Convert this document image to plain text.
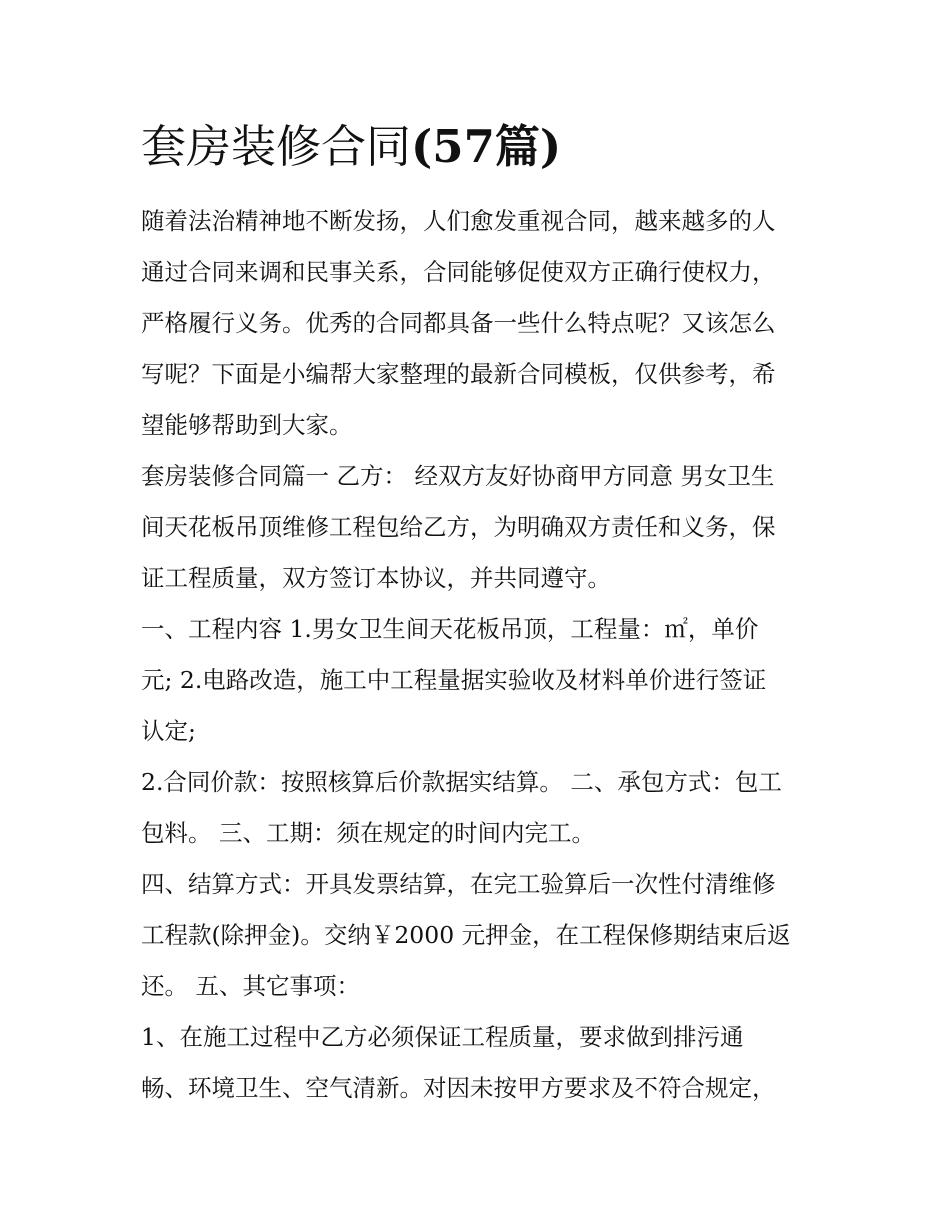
套房装修合同(57篇)

随着法治精神地不断发扬，人们愈发重视合同，越来越多的人
通过合同来调和民事关系，合同能够促使双方正确行使权力，
严格履行义务。优秀的合同都具备一些什么特点呢？又该怎么
写呢？下面是小编帮大家整理的最新合同模板，仅供参考，希
望能够帮助到大家。

套房装修合同篇一 乙方： 经双方友好协商甲方同意 男女卫生
间天花板吊顶维修工程包给乙方，为明确双方责任和义务，保
证工程质量，双方签订本协议，并共同遵守。

一、工程内容 1.男女卫生间天花板吊顶，工程量：㎡，单价
元; 2.电路改造，施工中工程量据实验收及材料单价进行签证
认定;

2.合同价款：按照核算后价款据实结算。 二、承包方式：包工
包料。 三、工期：须在规定的时间内完工。

四、结算方式：开具发票结算，在完工验算后一次性付清维修
工程款(除押金)。交纳￥2000 元押金，在工程保修期结束后返
还。 五、其它事项：

1、在施工过程中乙方必须保证工程质量，要求做到排污通
畅、环境卫生、空气清新。对因未按甲方要求及不符合规定，
